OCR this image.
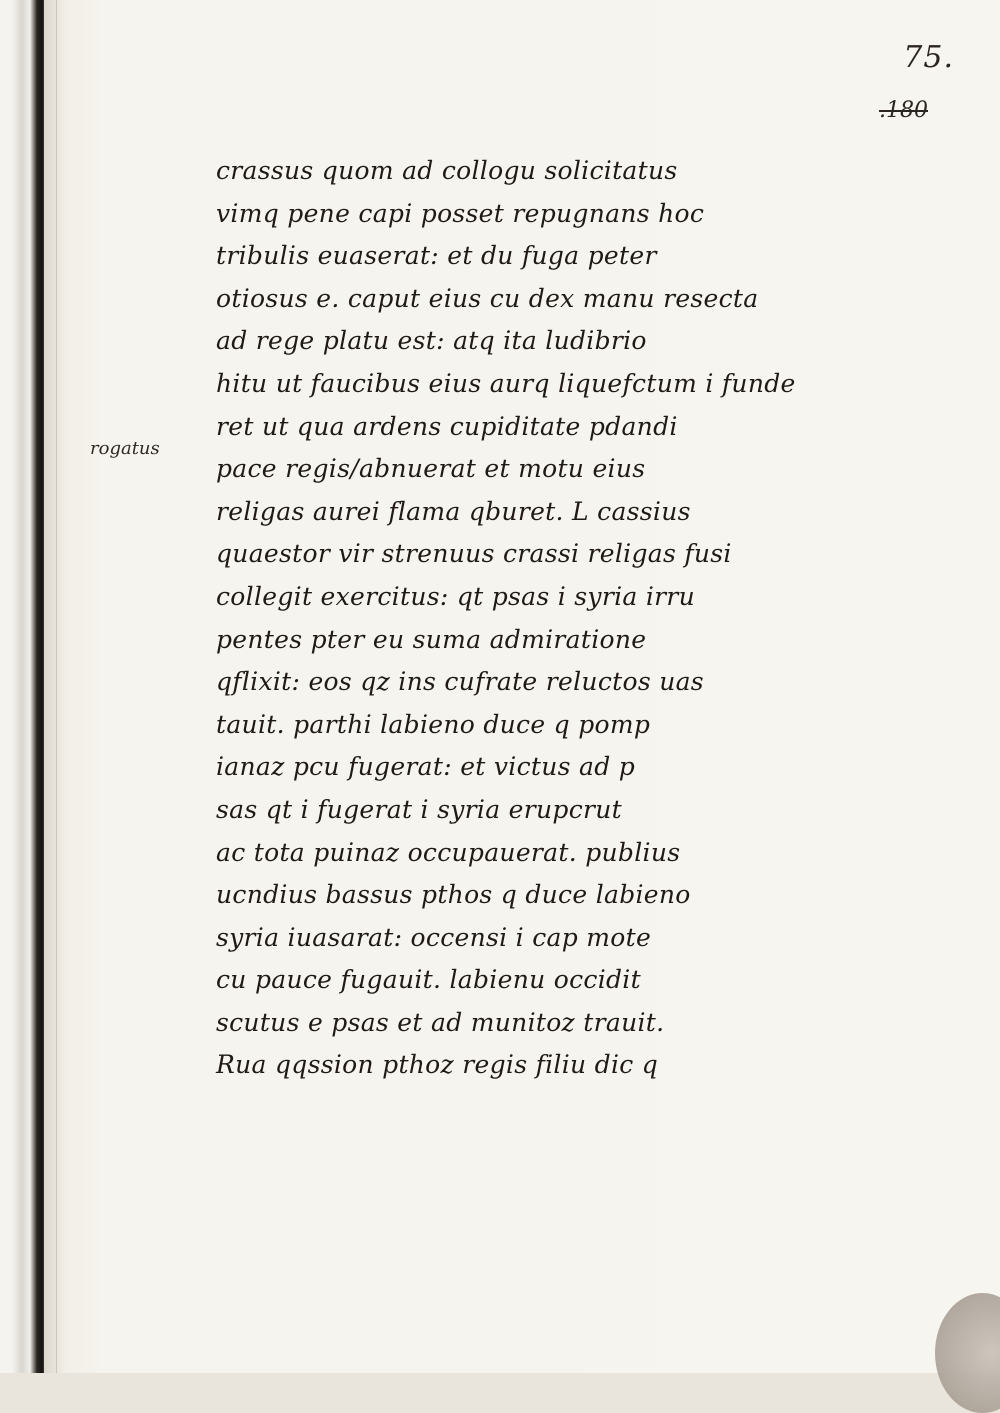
75.
.180
rogatus
crassus quom ad collogu solicitatus
vimq pene capi posset repugnans hoc
tribulis euaserat: et du fuga peter
otiosus e. caput eius cu dex manu resecta
ad rege platu est: atq ita ludibrio
hitu ut faucibus eius aurq liquefctum i funde
ret ut qua ardens cupiditate pdandi
pace regis/abnuerat et motu eius
religas aurei flama qburet. L cassius
quaestor vir strenuus crassi religas fusi
collegit exercitus: qt psas i syria irru
pentes pter eu suma admiratione
qflixit: eos qz ins cufrate reluctos uas
tauit. parthi labieno duce q pomp
ianaz pcu fugerat: et victus ad p
sas qt i fugerat i syria erupcrut
ac tota puinaz occupauerat. publius
ucndius bassus pthos q duce labieno
syria iuasarat: occensi i cap mote
cu pauce fugauit. labienu occidit
scutus e psas et ad munitoz trauit.
Rua qqssion pthoz regis filiu dic q
